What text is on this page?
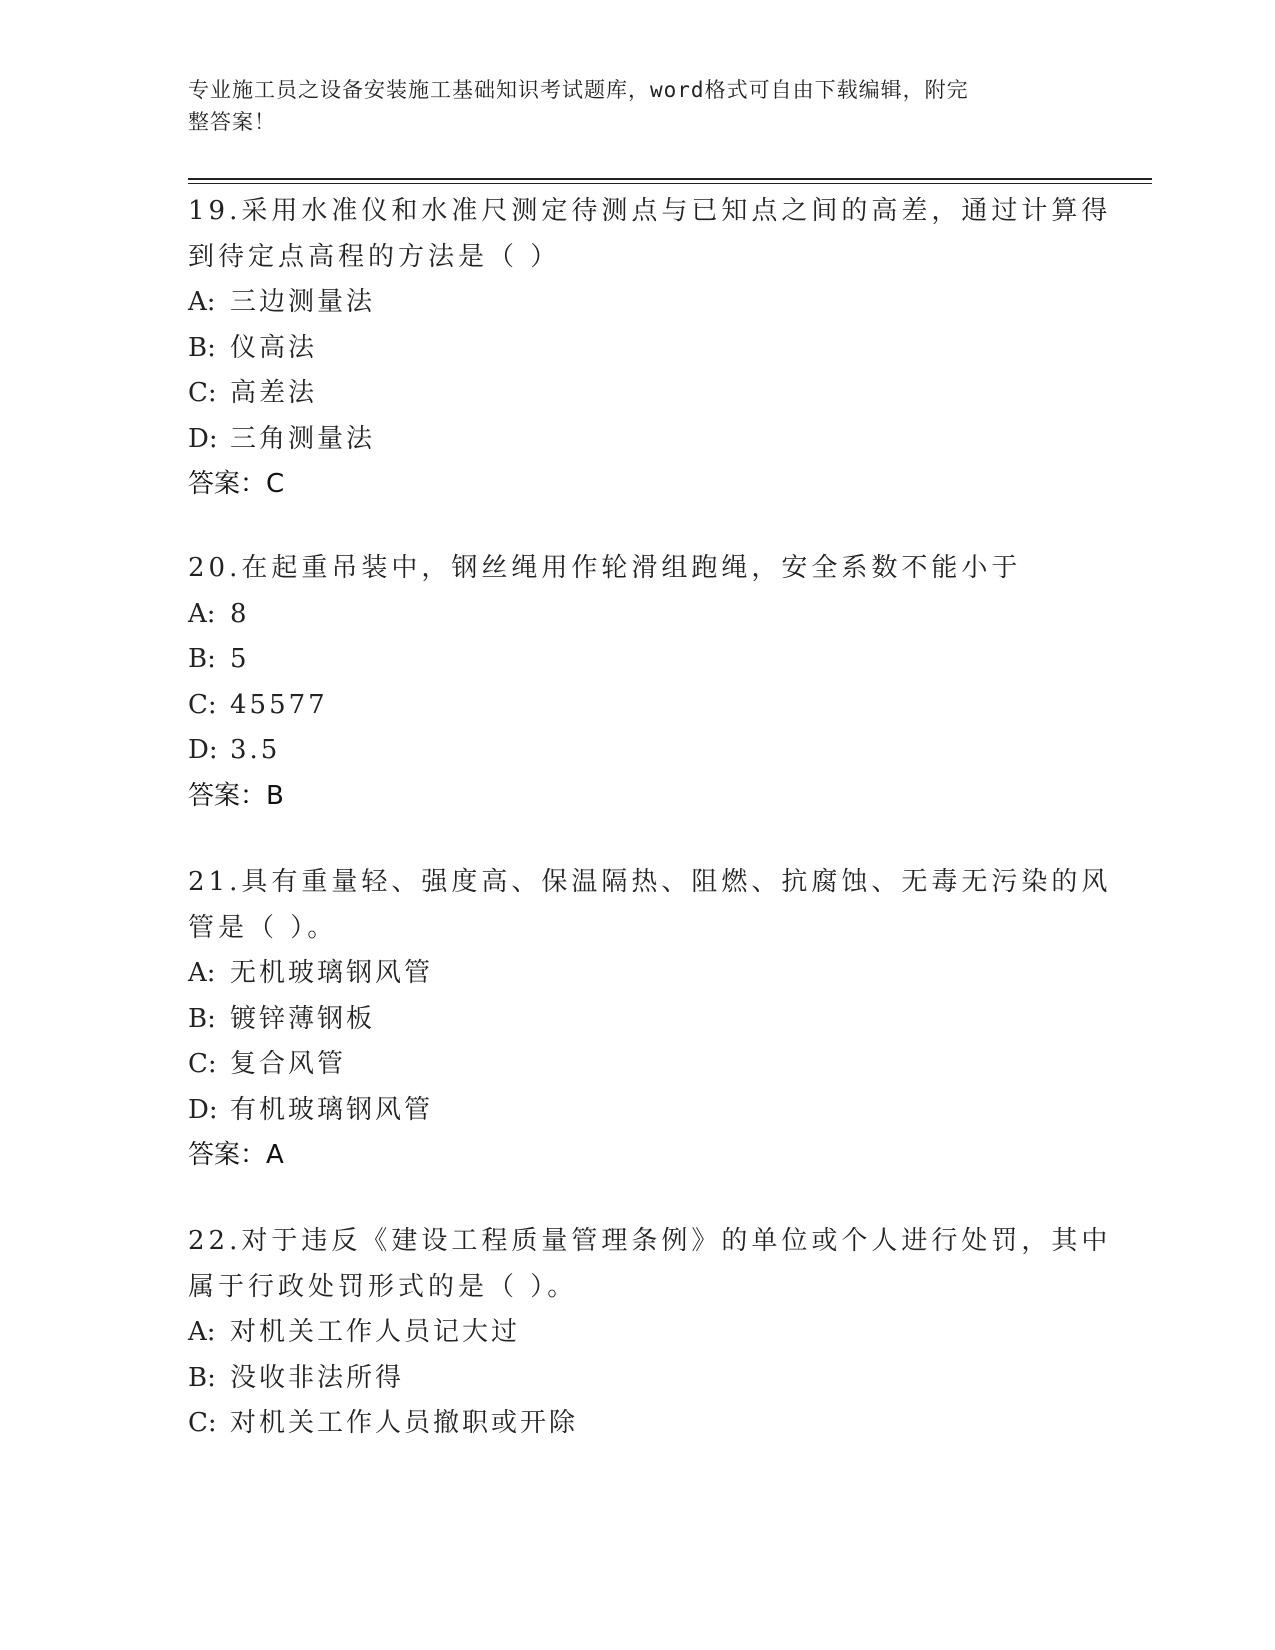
专业施工员之设备安装施工基础知识考试题库，word格式可自由下载编辑，附完
整答案！
19.采用水准仪和水准尺测定待测点与已知点之间的高差，通过计算得
到待定点高程的方法是（ ）
A: 三边测量法
B: 仪高法
C: 高差法
D: 三角测量法
答案：C
20.在起重吊装中，钢丝绳用作轮滑组跑绳，安全系数不能小于
A: 8
B: 5
C: 45577
D: 3.5
答案：B
21.具有重量轻、强度高、保温隔热、阻燃、抗腐蚀、无毒无污染的风
管是（ ）。
A: 无机玻璃钢风管
B: 镀锌薄钢板
C: 复合风管
D: 有机玻璃钢风管
答案：A
22.对于违反《建设工程质量管理条例》的单位或个人进行处罚，其中
属于行政处罚形式的是（ ）。
A: 对机关工作人员记大过
B: 没收非法所得
C: 对机关工作人员撤职或开除
